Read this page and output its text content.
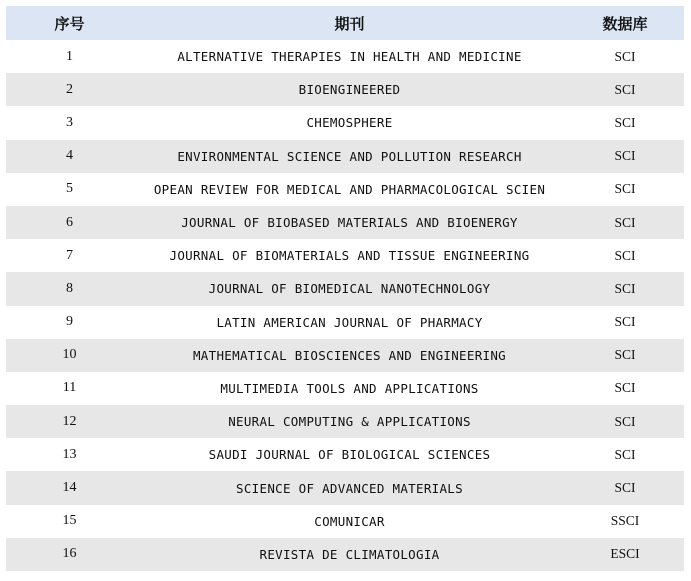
序号	期刊	数据库
1	ALTERNATIVE THERAPIES IN HEALTH AND MEDICINE	SCI
2	BIOENGINEERED	SCI
3	CHEMOSPHERE	SCI
4	ENVIRONMENTAL SCIENCE AND POLLUTION RESEARCH	SCI
5	OPEAN REVIEW FOR MEDICAL AND PHARMACOLOGICAL SCIEN	SCI
6	JOURNAL OF BIOBASED MATERIALS AND BIOENERGY	SCI
7	JOURNAL OF BIOMATERIALS AND TISSUE ENGINEERING	SCI
8	JOURNAL OF BIOMEDICAL NANOTECHNOLOGY	SCI
9	LATIN AMERICAN JOURNAL OF PHARMACY	SCI
10	MATHEMATICAL BIOSCIENCES AND ENGINEERING	SCI
11	MULTIMEDIA TOOLS AND APPLICATIONS	SCI
12	NEURAL COMPUTING & APPLICATIONS	SCI
13	SAUDI JOURNAL OF BIOLOGICAL SCIENCES	SCI
14	SCIENCE OF ADVANCED MATERIALS	SCI
15	COMUNICAR	SSCI
16	REVISTA DE CLIMATOLOGIA	ESCI
